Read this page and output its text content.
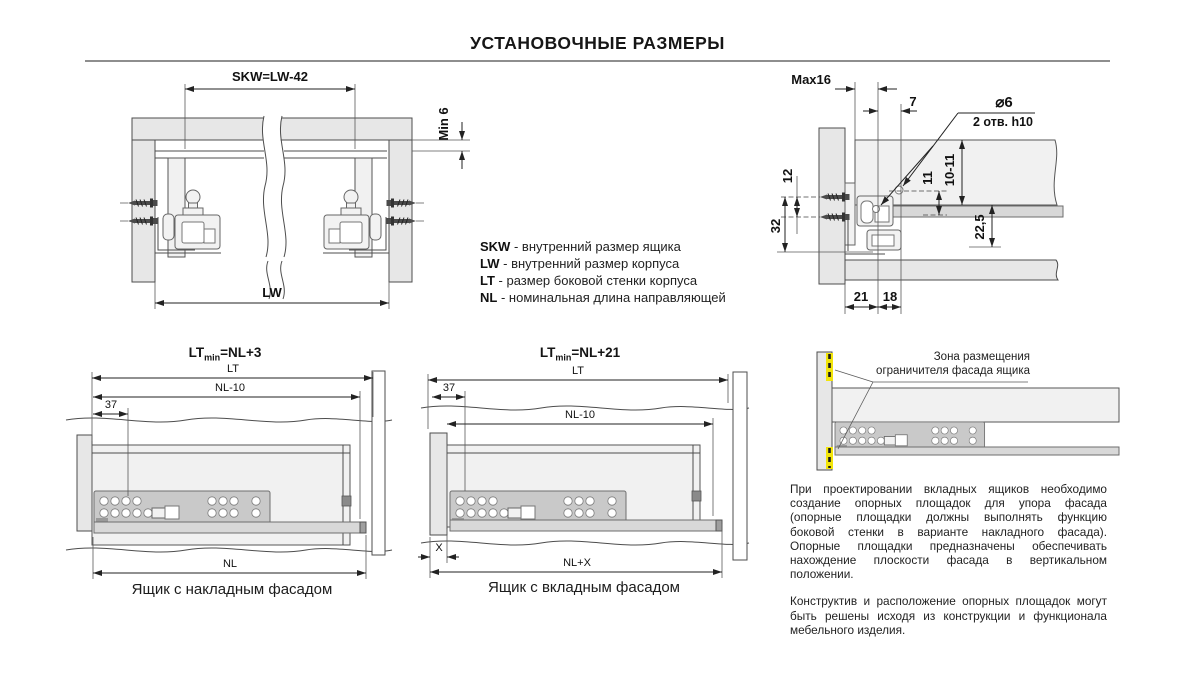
УСТАНОВОЧНЫЕ РАЗМЕРЫ
SKW=LW-42
Min 6
LW
SKW - внутренний размер ящика
LW - внутренний размер корпуса
LT - размер боковой стенки корпуса
NL - номинальная длина направляющей
Max16
7	⌀6
2 отв. h10
12
32
11 10-11
22,5
21 18
$LT_{min}=NL+3$
LT
NL-10
37
NL
Ящик с накладным фасадом
$LT_{min}=NL+21$
LT
37
NL-10
X
NL+X
Ящик с вкладным фасадом
Зона размещения
ограничителя фасада ящика

При проектировании вкладных ящиков необходимо создание опорных площадок для упора фасада (опорные площадки должны выполнять функцию боковой стенки в варианте накладного фасада). Опорные площадки предназначены обеспечивать нахождение плоскости фасада в вертикальном положении.

Конструктив и расположение опорных площадок могут быть решены исходя из конструкции и функционала мебельного изделия.
